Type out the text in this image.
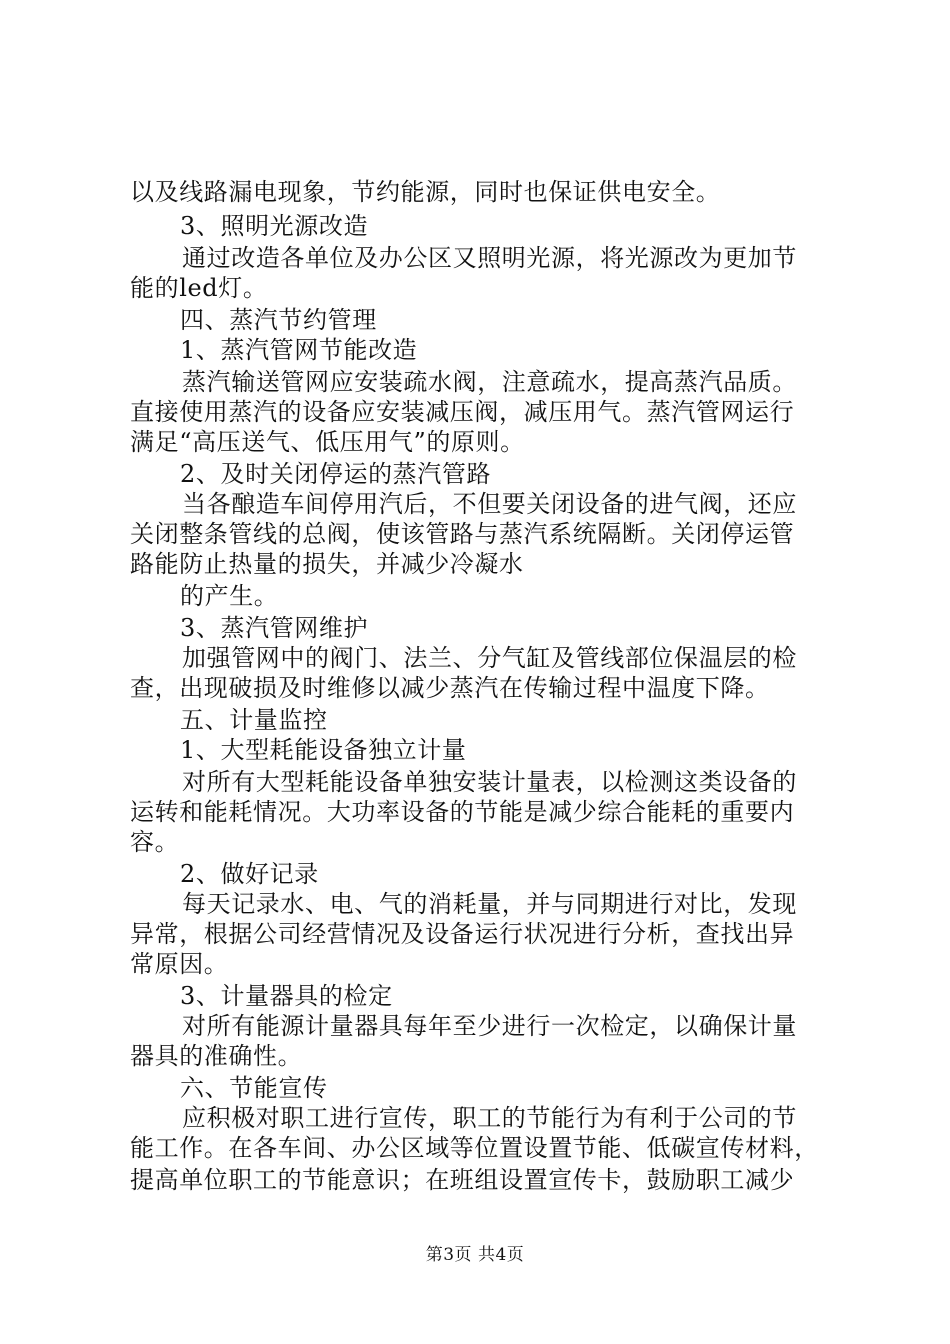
以及线路漏电现象，节约能源，同时也保证供电安全。
3、照明光源改造
通过改造各单位及办公区又照明光源，将光源改为更加节
能的led灯。
四、蒸汽节约管理
1、蒸汽管网节能改造
蒸汽输送管网应安装疏水阀，注意疏水，提高蒸汽品质。
直接使用蒸汽的设备应安装减压阀，减压用气。蒸汽管网运行
满足“高压送气、低压用气”的原则。
2、及时关闭停运的蒸汽管路
当各酿造车间停用汽后，不但要关闭设备的进气阀，还应
关闭整条管线的总阀，使该管路与蒸汽系统隔断。关闭停运管
路能防止热量的损失，并减少冷凝水
的产生。
3、蒸汽管网维护
加强管网中的阀门、法兰、分气缸及管线部位保温层的检
查，出现破损及时维修以减少蒸汽在传输过程中温度下降。
五、计量监控
1、大型耗能设备独立计量
对所有大型耗能设备单独安装计量表，以检测这类设备的
运转和能耗情况。大功率设备的节能是减少综合能耗的重要内
容。
2、做好记录
每天记录水、电、气的消耗量，并与同期进行对比，发现
异常，根据公司经营情况及设备运行状况进行分析，查找出异
常原因。
3、计量器具的检定
对所有能源计量器具每年至少进行一次检定，以确保计量
器具的准确性。
六、节能宣传
应积极对职工进行宣传，职工的节能行为有利于公司的节
能工作。在各车间、办公区域等位置设置节能、低碳宣传材料，
提高单位职工的节能意识；在班组设置宣传卡，鼓励职工减少
第3页 共4页
